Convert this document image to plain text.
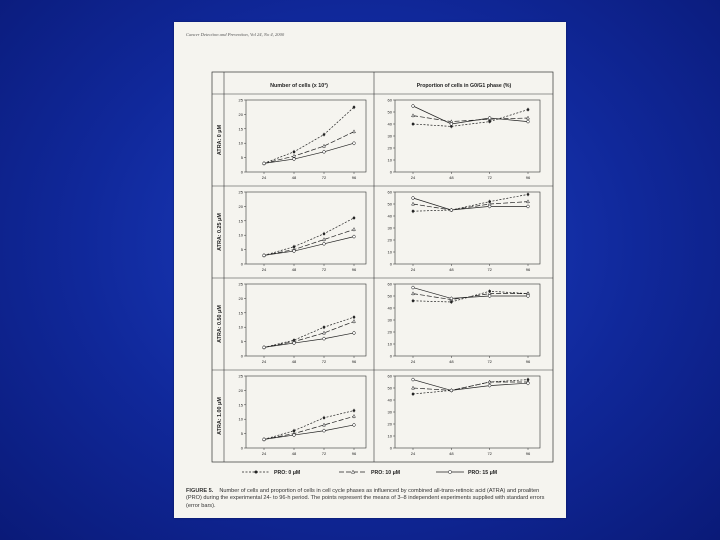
Cancer Detection and Prevention, Vol 24, No 4, 2000
Number of cells (x 10³)	Proportion of cells in G0/G1 phase (%)
ATRA: 0 μM
0
5
10
15
20
25
24	48	72	96
0
10
20
30
40
50
60
24	48	72	96
ATRA: 0.25 μM
0
5
10
15
20
25
24	48	72	96
0
10
20
30
40
50
60
24	48	72	96
ATRA: 0.50 μM
0
5
10
15
20
25
24	48	72	96
0
10
20
30
40
50
60
24	48	72	96
ATRA: 1.00 μM
0
5
10
15
20
25
24	48	72	96
0
10
20
30
40
50
60
24	48	72	96
PRO: 0 μM	PRO: 10 μM	PRO: 15 μM
FIGURE 5. Number of cells and proportion of cells in cell cycle phases as influenced by combined all-trans-retinoic acid (ATRA) and proaliten (PRO) during the experimental 24- to 96-h period. The points represent the means of 3–8 independent experiments supplied with standard errors (error bars).
